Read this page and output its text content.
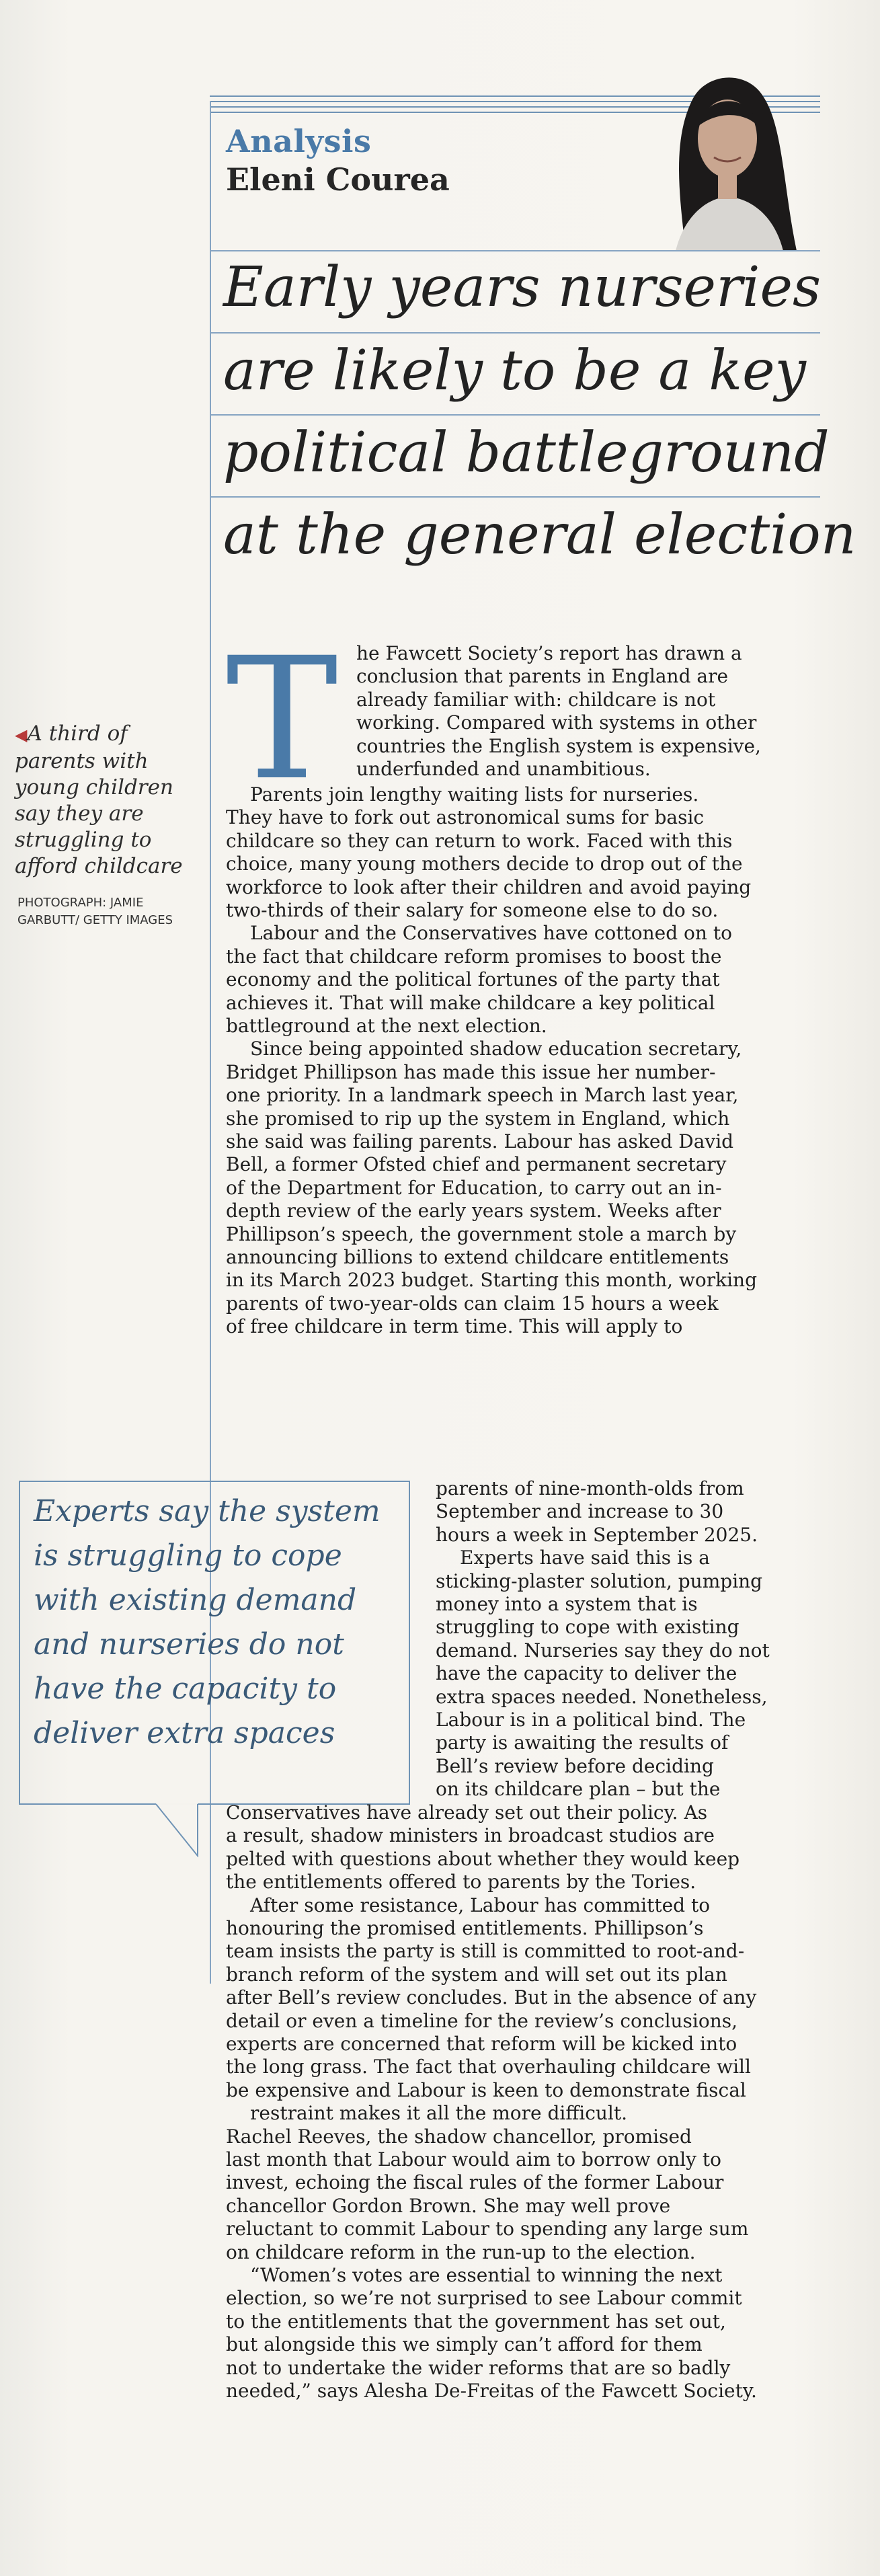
Analysis
Eleni Courea
Early years nurseries
are likely to be a key
political battleground
at the general election
◀A third of parents with young children say they are struggling to afford childcare
PHOTOGRAPH: JAMIE GARBUTT/ GETTY IMAGES
T
Experts say the system
is struggling to cope
with existing demand
and nurseries do not
have the capacity to
deliver extra spaces
he Fawcett Society’s report has drawn a
conclusion that parents in England are
already familiar with: childcare is not
working. Compared with systems in other
countries the English system is expensive,
underfunded and unambitious.
Parents join lengthy waiting lists for nurseries.
They have to fork out astronomical sums for basic
childcare so they can return to work. Faced with this
choice, many young mothers decide to drop out of the
workforce to look after their children and avoid paying
two-thirds of their salary for someone else to do so.
Labour and the Conservatives have cottoned on to
the fact that childcare reform promises to boost the
economy and the political fortunes of the party that
achieves it. That will make childcare a key political
battleground at the next election.
Since being appointed shadow education secretary,
Bridget Phillipson has made this issue her number-
one priority. In a landmark speech in March last year,
she promised to rip up the system in England, which
she said was failing parents. Labour has asked David
Bell, a former Ofsted chief and permanent secretary
of the Department for Education, to carry out an in-
depth review of the early years system. Weeks after
Phillipson’s speech, the government stole a march by
announcing billions to extend childcare entitlements
in its March 2023 budget. Starting this month, working
parents of two-year-olds can claim 15 hours a week
of free childcare in term time. This will apply to
parents of nine-month-olds from
September and increase to 30
hours a week in September 2025.
Experts have said this is a
sticking-plaster solution, pumping
money into a system that is
struggling to cope with existing
demand. Nurseries say they do not
have the capacity to deliver the
extra spaces needed. Nonetheless,
Labour is in a political bind. The
party is awaiting the results of
Bell’s review before deciding
on its childcare plan – but the
Conservatives have already set out their policy. As
a result, shadow ministers in broadcast studios are
pelted with questions about whether they would keep
the entitlements offered to parents by the Tories.
After some resistance, Labour has committed to
honouring the promised entitlements. Phillipson’s
team insists the party is still is committed to root-and-
branch reform of the system and will set out its plan
after Bell’s review concludes. But in the absence of any
detail or even a timeline for the review’s conclusions,
experts are concerned that reform will be kicked into
the long grass. The fact that overhauling childcare will
be expensive and Labour is keen to demonstrate fiscal
restraint makes it all the more difficult.
Rachel Reeves, the shadow chancellor, promised
last month that Labour would aim to borrow only to
invest, echoing the fiscal rules of the former Labour
chancellor Gordon Brown. She may well prove
reluctant to commit Labour to spending any large sum
on childcare reform in the run-up to the election.
“Women’s votes are essential to winning the next
election, so we’re not surprised to see Labour commit
to the entitlements that the government has set out,
but alongside this we simply can’t afford for them
not to undertake the wider reforms that are so badly
needed,” says Alesha De-Freitas of the Fawcett Society.
